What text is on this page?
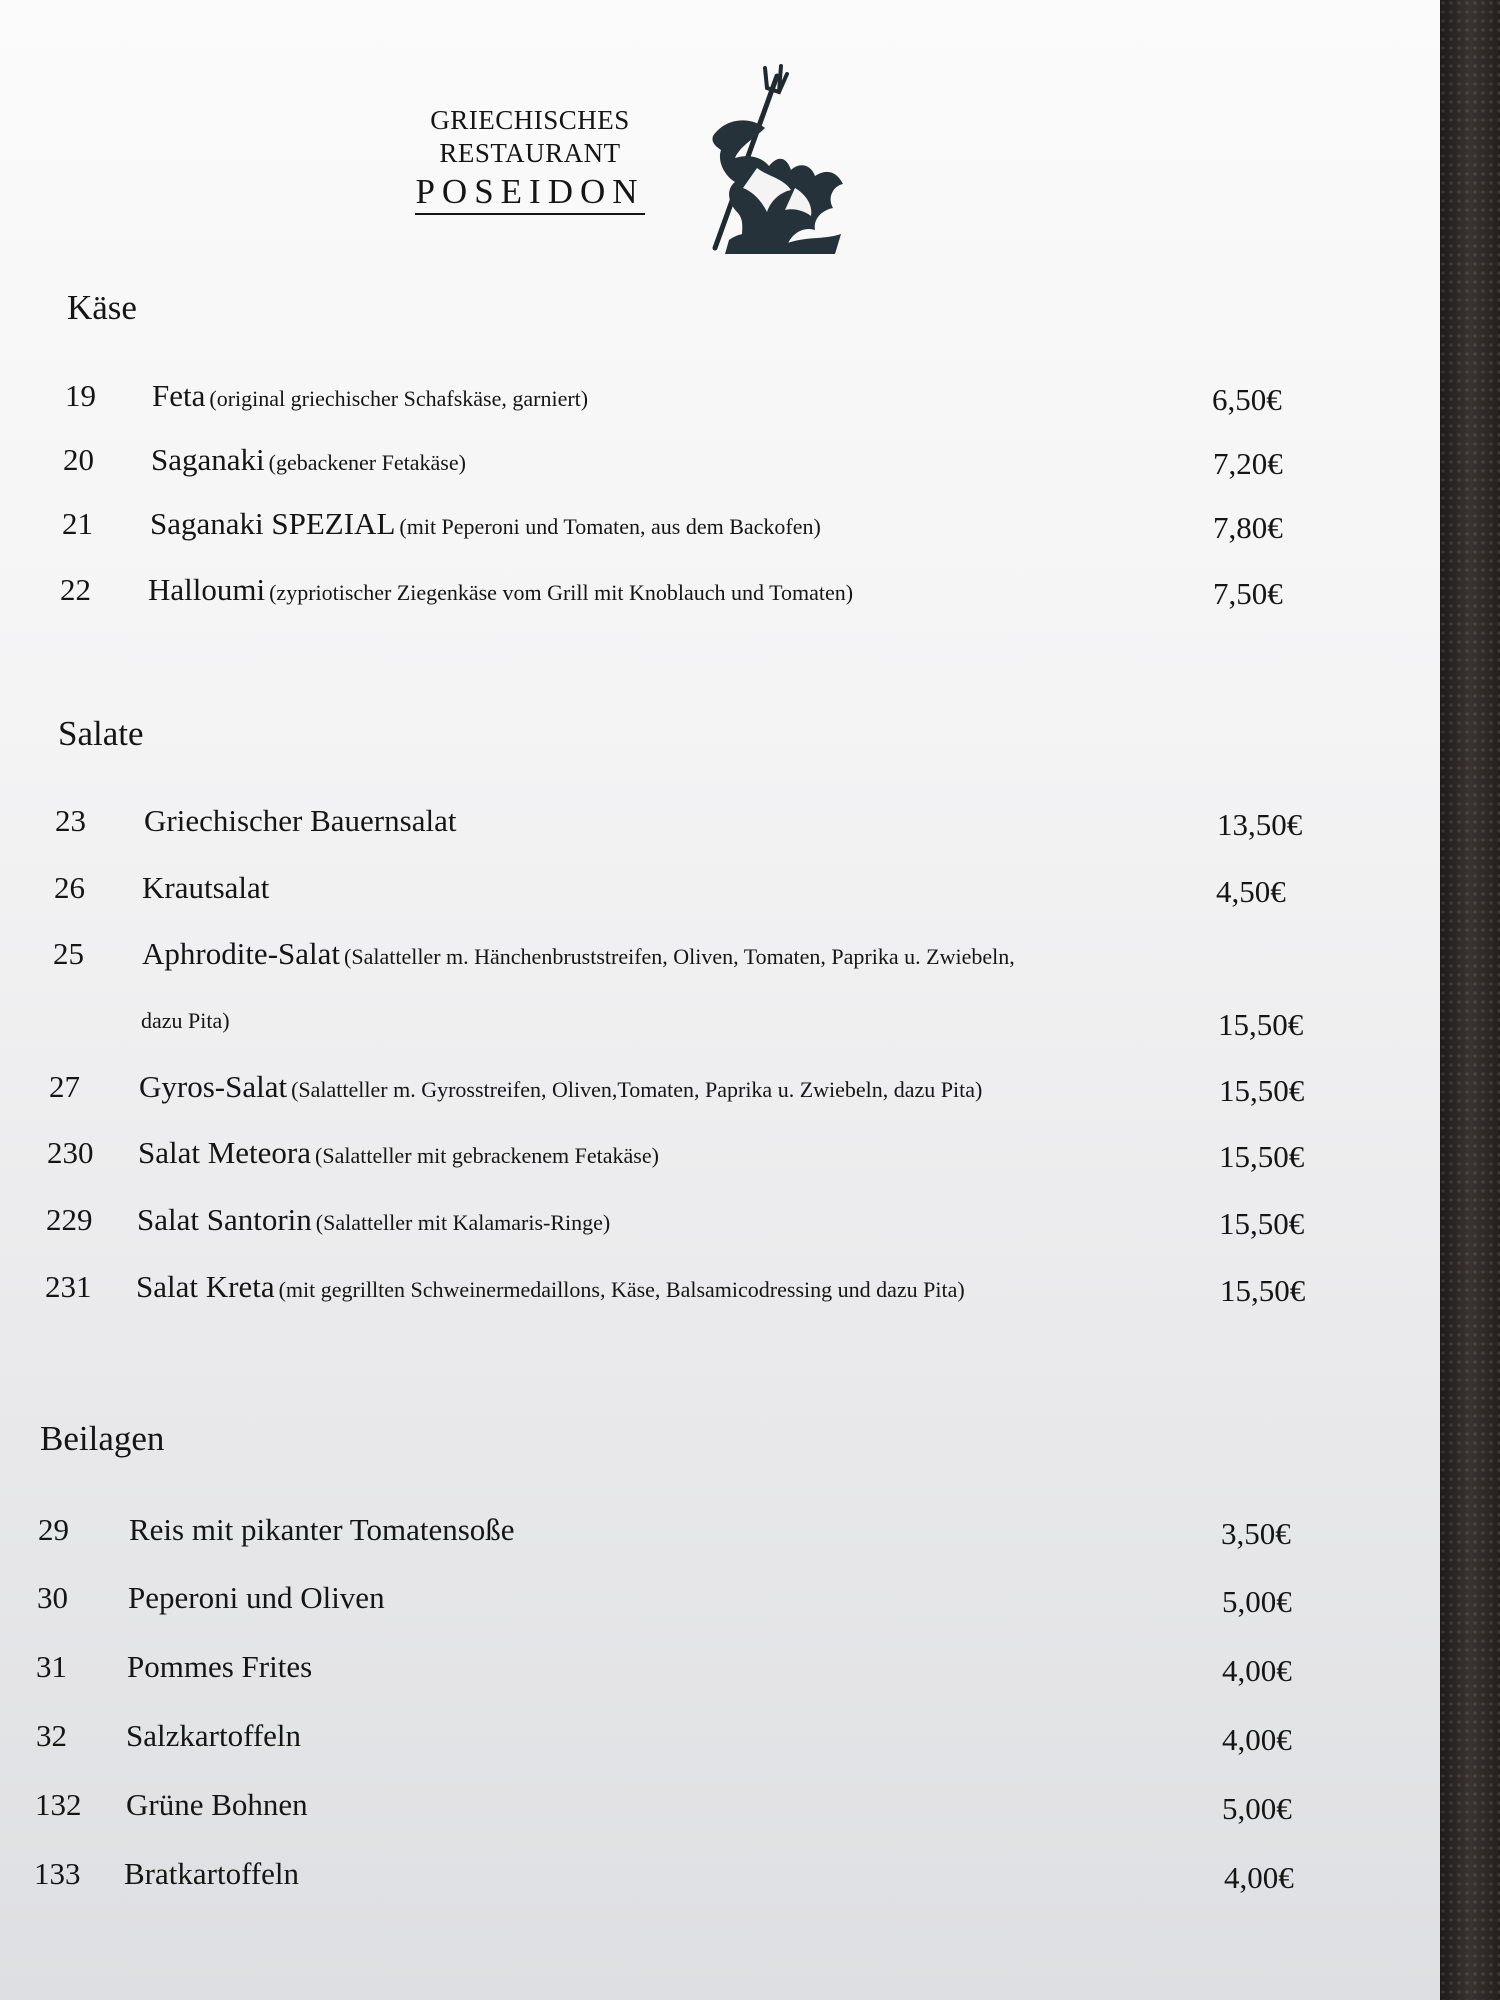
GRIECHISCHES
RESTAURANT
POSEIDON
Käse
19 Feta (original griechischer Schafskäse, garniert)	6,50€
20 Saganaki (gebackener Fetakäse)	7,20€
21 Saganaki SPEZIAL (mit Peperoni und Tomaten, aus dem Backofen)	7,80€
22 Halloumi (zypriotischer Ziegenkäse vom Grill mit Knoblauch und Tomaten)	7,50€
Salate
23 Griechischer Bauernsalat	13,50€
26 Krautsalat	4,50€
25 Aphrodite-Salat (Salatteller m. Hänchenbruststreifen, Oliven, Tomaten, Paprika u. Zwiebeln,
dazu Pita)	15,50€
27 Gyros-Salat (Salatteller m. Gyrosstreifen, Oliven,Tomaten, Paprika u. Zwiebeln, dazu Pita)	15,50€
230 Salat Meteora (Salatteller mit gebrackenem Fetakäse)	15,50€
229 Salat Santorin (Salatteller mit Kalamaris-Ringe)	15,50€
231 Salat Kreta (mit gegrillten Schweinermedaillons, Käse, Balsamicodressing und dazu Pita)	15,50€
Beilagen
29 Reis mit pikanter Tomatensoße	3,50€
30 Peperoni und Oliven	5,00€
31 Pommes Frites	4,00€
32 Salzkartoffeln	4,00€
132 Grüne Bohnen	5,00€
133 Bratkartoffeln	4,00€
